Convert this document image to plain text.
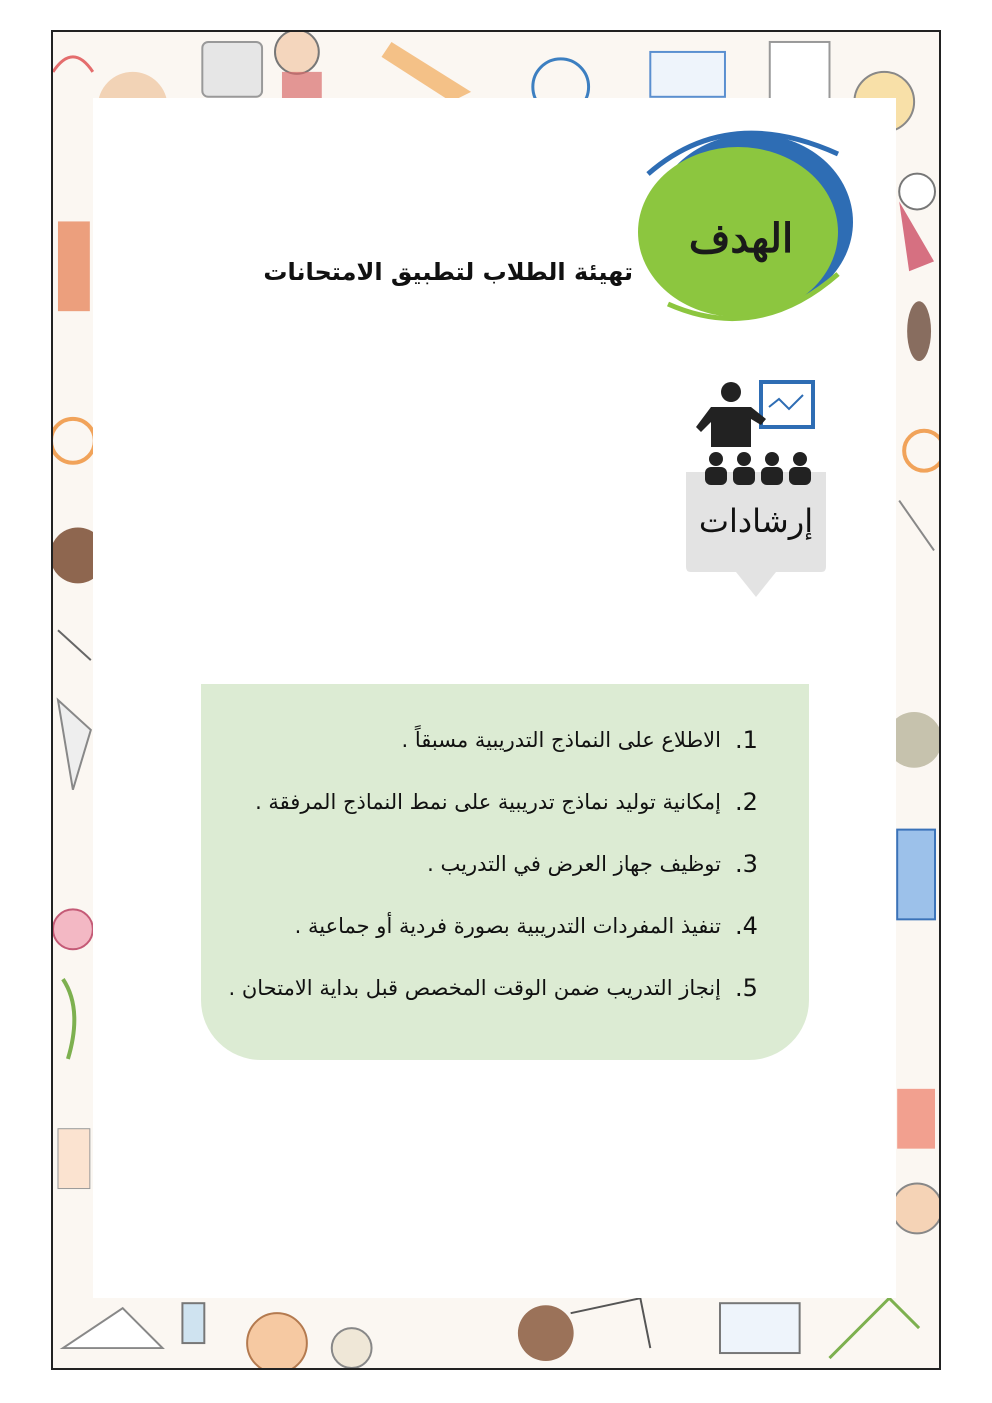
الهدف
تهيئة الطلاب لتطبيق الامتحانات
إرشادات
.1
الاطلاع على النماذج التدريبية مسبقاً .
.2
إمكانية توليد نماذج تدريبية على نمط النماذج المرفقة .
.3
توظيف جهاز العرض في التدريب .
.4
تنفيذ المفردات التدريبية بصورة فردية أو جماعية .
.5
إنجاز التدريب ضمن الوقت المخصص قبل بداية الامتحان .
